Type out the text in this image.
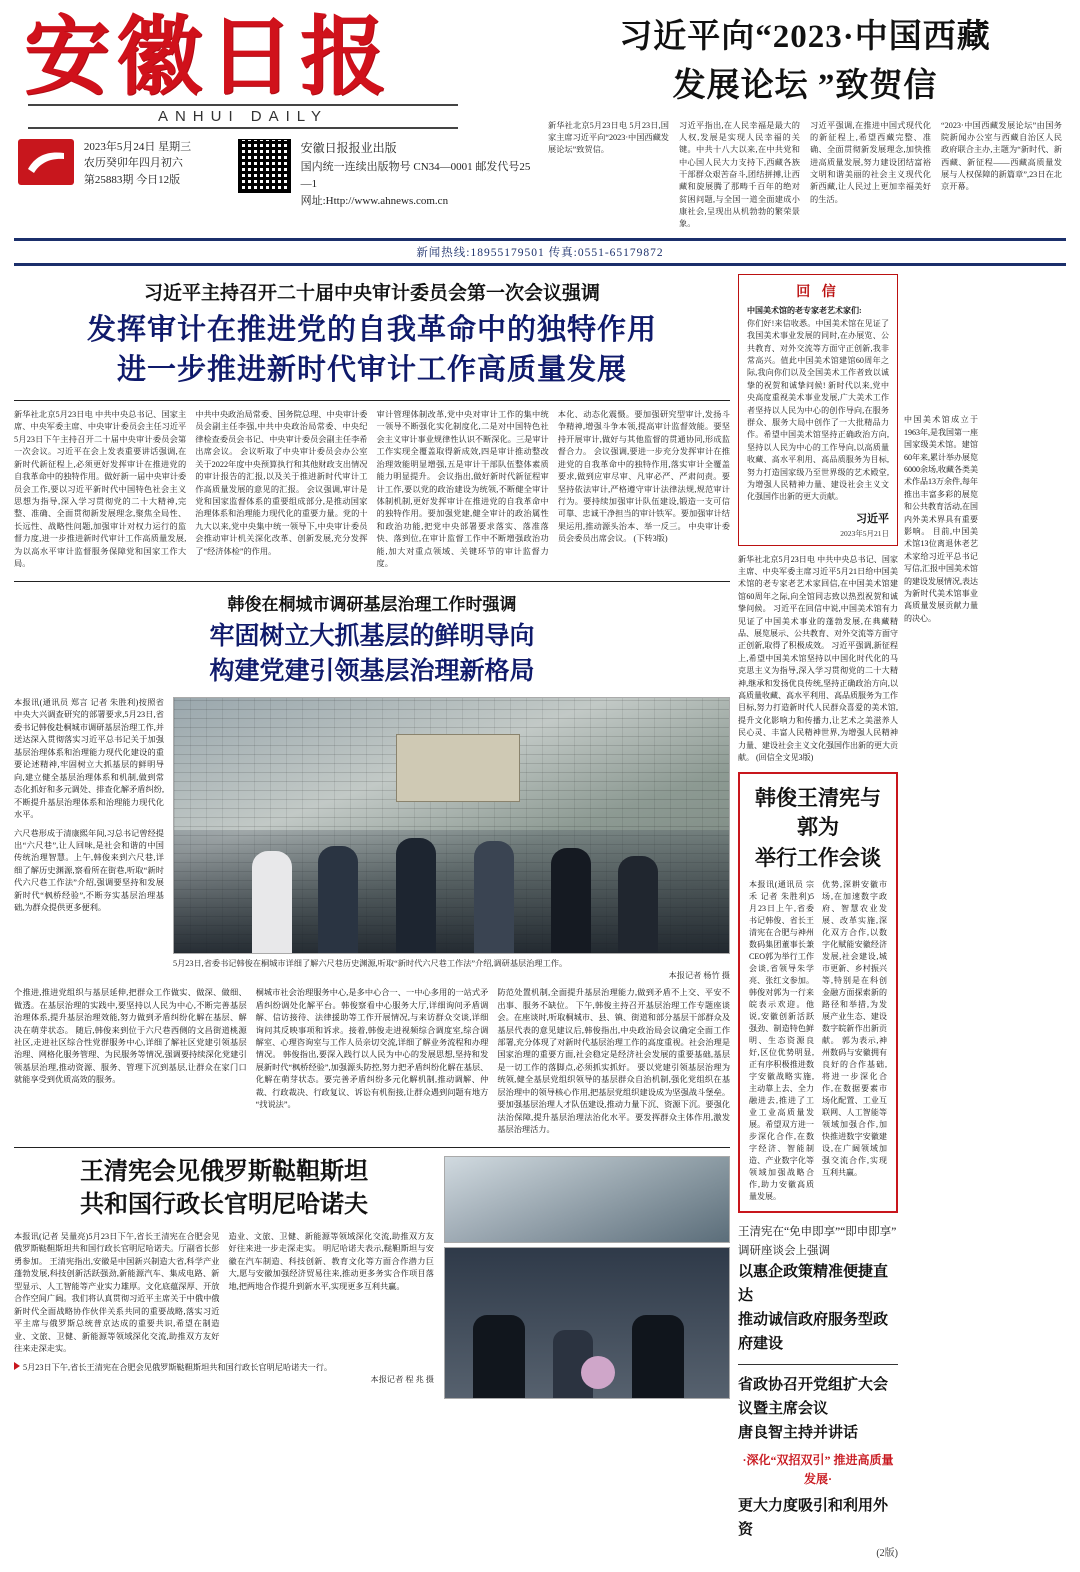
安徽日报
ANHUI DAILY
2023年5月24日 星期三
农历癸卯年四月初六
第25883期 今日12版
安徽日报报业出版
国内统一连续出版物号 CN34—0001 邮发代号25—1
网址:Http://www.ahnews.com.cn
习近平向“2023·中国西藏
发展论坛 ”致贺信
新华社北京5月23日电 5月23日,国家主席习近平向“2023·中国西藏发展论坛”致贺信。
习近平指出,在人民幸福是最大的人权,发展是实现人民幸福的关键。中共十八大以来,在中共党和中心国人民大力支持下,西藏各族干部群众艰苦奋斗,团结拼搏,让西藏和旋展腾了那畴千百年的绝对贫困问题,与全国一道全面建成小康社会,呈现出从机勃勃的繁荣景象。
习近平强调,在推进中国式现代化的新征程上,希望西藏完整、准确、全面贯彻新发展理念,加快推进高质量发展,努力建设团结富裕文明和谐美丽的社会主义现代化新西藏,让人民过上更加幸福美好的生活。
“2023·中国西藏发展论坛”由国务院新闻办公室与西藏自治区人民政府联合主办,主题为“新时代、新西藏、新征程——西藏高质量发展与人权保障的新篇章”,23日在北京开幕。
新闻热线:18955179501 传真:0551-65179872
习近平主持召开二十届中央审计委员会第一次会议强调
发挥审计在推进党的自我革命中的独特作用
进一步推进新时代审计工作高质量发展
新华社北京5月23日电 中共中央总书记、国家主席、中央军委主席、中央审计委员会主任习近平5月23日下午主持召开二十届中央审计委员会第一次会议。习近平在会上发表重要讲话强调,在新时代新征程上,必须更好发挥审计在推进党的自我革命中的独特作用。做好新一届中央审计委员会工作,要以习近平新时代中国特色社会主义思想为指导,深入学习贯彻党的二十大精神,完整、准确、全面贯彻新发展理念,聚焦全局性、长远性、战略性问题,加强审计对权力运行的监督力度,进一步推进新时代审计工作高质量发展,为以高水平审计监督服务保障党和国家工作大局。
中共中央政治局常委、国务院总理、中央审计委员会副主任李强,中共中央政治局常委、中央纪律检查委员会书记、中央审计委员会副主任李希出席会议。 会议听取了中央审计委员会办公室关于2022年度中央预算执行和其他财政支出情况的审计报告的汇报,以及关于推进新时代审计工作高质量发展的意见的汇报。 会议强调,审计是党和国家监督体系的重要组成部分,是推动国家治理体系和治理能力现代化的重要力量。党的十九大以来,党中央集中统一领导下,中央审计委员会推动审计机关深化改革、创新发展,充分发挥了“经济体检”的作用。
审计管理体制改革,党中央对审计工作的集中统一领导不断强化实化制度化,二是对中国特色社会主义审计事业规律性认识不断深化。三是审计工作实现全覆盖取得新成效,四是审计推动整改治理效能明显增强,五是审计干部队伍整体素质能力明显提升。 会议指出,做好新时代新征程审计工作,要以党的政治建设为统领,不断健全审计体制机制,更好发挥审计在推进党的自我革命中的独特作用。要加强党建,健全审计的政治属性和政治功能,把党中央部署要求落实、落准落快、落到位,在审计监督工作中不断增强政治功能,加大对重点领域、关键环节的审计监督力度。
本化、动态化震慑。要加强研究型审计,发扬斗争精神,增强斗争本领,提高审计监督效能。要坚持开展审计,做好与其他监督的贯通协同,形成监督合力。 会议强调,要进一步充分发挥审计在推进党的自我革命中的独特作用,落实审计全覆盖要求,做到应审尽审、凡审必严、严肃问责。要坚持依法审计,严格遵守审计法律法规,规范审计行为。要持续加强审计队伍建设,锻造一支可信可靠、忠诚干净担当的审计铁军。要加强审计结果运用,推动源头治本、举一反三。 中央审计委员会委员出席会议。 (下转3版)
韩俊在桐城市调研基层治理工作时强调
牢固树立大抓基层的鲜明导向
构建党建引领基层治理新格局
本报讯(通讯员 郑言 记者 朱胜利)按照省中央大兴调查研究的部署要求,5月23日,省委书记韩俊赴桐城市调研基层治理工作,并送达深入贯彻落实习近平总书记关于加强基层治理体系和治理能力现代化建设的重要论述精神,牢固树立大抓基层的鲜明导向,建立健全基层治理体系和机制,做到常态化抓好和多元调处、排查化解矛盾纠纷,不断提升基层治理体系和治理能力现代化水平。
六尺巷形成于清康熙年间,习总书记曾经提出“六尺巷”,让人回味,是社会和谐的中国传统治理智慧。上午,韩俊来到六尺巷,详细了解历史渊源,察看所在街巷,听取“新时代六尺巷工作法”介绍,强调要坚持和发展新时代“枫桥经验”,不断夯实基层治理基础,为群众提供更多便利。
5月23日,省委书记韩俊在桐城市详细了解六尺巷历史渊源,听取“新时代六尺巷工作法”介绍,调研基层治理工作。
本报记者 杨竹 摄
个推进,推进党组织与基层延伸,把群众工作做实、做深、做细、做透。在基层治理的实践中,要坚持以人民为中心,不断完善基层治理体系,提升基层治理效能,努力做到矛盾纠纷化解在基层、解决在萌芽状态。 随后,韩俊来到位于六尺巷西侧的文昌街道桃源社区,走进社区综合性党群服务中心,详细了解社区党建引领基层治理、网格化服务管理、为民服务等情况,强调要持续深化党建引领基层治理,推动资源、服务、管理下沉到基层,让群众在家门口就能享受到优质高效的服务。
桐城市社会治理服务中心,是多中心合一、一中心多用的一站式矛盾纠纷调处化解平台。韩俊察看中心服务大厅,详细询问矛盾调解、信访接待、法律援助等工作开展情况,与来访群众交谈,详细询问其反映事项和诉求。接着,韩俊走进视频综合调度室,综合调解室、心理咨询室与工作人员亲切交流,详细了解业务流程和办理情况。 韩俊指出,要深入践行以人民为中心的发展思想,坚持和发展新时代“枫桥经验”,加强源头防控,努力把矛盾纠纷化解在基层、化解在萌芽状态。要完善矛盾纠纷多元化解机制,推动调解、仲裁、行政裁决、行政复议、诉讼有机衔接,让群众遇到问题有地方“找说法”。
防范处置机制,全面提升基层治理能力,做到矛盾不上交、平安不出事、服务不缺位。 下午,韩俊主持召开基层治理工作专题座谈会。在座谈时,听取桐城市、县、镇、街道和部分基层干部群众及基层代表的意见建议后,韩俊指出,中央政治局会议确定全面工作部署,充分体现了对新时代基层治理工作的高度重视。社会治理是国家治理的重要方面,社会稳定是经济社会发展的重要基础,基层是一切工作的落脚点,必须抓实抓好。 要以党建引领基层治理为统领,健全基层党组织领导的基层群众自治机制,强化党组织在基层治理中的领导核心作用,把基层党组织建设成为坚强战斗堡垒。要加强基层治理人才队伍建设,推动力量下沉、资源下沉。要强化法治保障,提升基层治理法治化水平。要发挥群众主体作用,激发基层治理活力。
王清宪会见俄罗斯鞑靼斯坦
共和国行政长官明尼哈诺夫
本报讯(记者 吴量亮)5月23日下午,省长王清宪在合肥会见俄罗斯鞑靼斯坦共和国行政长官明尼哈诺夫。厅副省长彭勇参加。 王清宪指出,安徽是中国新兴制造大省,科学产业蓬勃发展,科技创新活跃强劲,新能源汽车、集成电路、新型显示、人工智能等产业实力雄厚。文化底蕴深厚、开放合作空间广阔。我们将认真贯彻习近平主席关于中俄中俄新时代全面战略协作伙伴关系共同的重要战略,落实习近平主席与俄罗斯总统普京达成的重要共识,希望在制造业、文旅、卫健、新能源等领域深化交流,助推双方友好往来走深走实。
造业、文旅、卫健、新能源等领域深化交流,助推双方友好往来进一步走深走实。 明尼哈诺夫表示,鞑靼斯坦与安徽在汽车制造、科技创新、教育文化等方面合作潜力巨大,愿与安徽加强经济贸易往来,推动更多务实合作项目落地,把两地合作提升到新水平,实现更多互利共赢。
5月23日下午,省长王清宪在合肥会见俄罗斯鞑靼斯坦共和国行政长官明尼哈诺夫一行。
本报记者 程 兆 摄
回 信
中国美术馆的老专家老艺术家们:
你们好!来信收悉。中国美术馆在见证了我国美术事业发展的同时,在办展览、公共教育、对外交流等方面守正创新,我非常高兴。值此中国美术馆建馆60周年之际,我向你们以及全国美术工作者致以诚挚的祝贺和诚挚问候! 新时代以来,党中央高度重视美术事业发展,广大美术工作者坚持以人民为中心的创作导向,在服务群众、服务大局中创作了一大批精品力作。希望中国美术馆坚持正确政治方向,坚持以人民为中心的工作导向,以高质量收藏、高水平利用、高品质服务为目标,努力打造国家级乃至世界级的艺术殿堂,为增强人民精神力量、建设社会主义文化强国作出新的更大贡献。
习近平
2023年5月21日
新华社北京5月23日电 中共中央总书记、国家主席、中央军委主席习近平5月21日给中国美术馆的老专家老艺术家回信,在中国美术馆建馆60周年之际,向全馆同志致以热烈祝贺和诚挚问候。 习近平在回信中说,中国美术馆有力见证了中国美术事业的蓬勃发展,在典藏精品、展览展示、公共教育、对外交流等方面守正创新,取得了积极成效。 习近平强调,新征程上,希望中国美术馆坚持以中国化时代化的马克思主义为指导,深入学习贯彻党的二十大精神,继承和发扬优良传统,坚持正确政治方向,以高质量收藏、高水平利用、高品质服务为工作目标,努力打造新时代人民群众喜爱的美术馆,提升文化影响力和传播力,让艺术之美滋养人民心灵、丰富人民精神世界,为增强人民精神力量、建设社会主义文化强国作出新的更大贡献。 (回信全文见3版)
韩俊王清宪与郭为
举行工作会谈
本报讯(通讯员 宗禾 记者 朱胜利)5月23日上午,省委书记韩俊、省长王清宪在合肥与神州数码集团董事长兼CEO郭为举行工作会谈,省领导朱学亮、张红文参加。 韩俊对郭为一行来皖表示欢迎。他说,安徽创新活跃强劲、制造特色鲜明、生态资源良好,区位优势明显,正有序积极推进数字安徽战略实施,主动靠上去、全力融进去,推进了工业工业高质量发展。希望双方进一步深化合作,在数字经济、智能制造、产业数字化等领域加强战略合作,助力安徽高质量发展。
优势,深耕安徽市场,在加速数字政府、智慧农业发展、改革实施,深化双方合作,以数字化赋能安徽经济发展,社会建设,城市更新、乡村振兴等,特别是在科创金融方面探索新的路径和举措,为发展产业生态、建设数字皖新作出新贡献。 郭为表示,神州数码与安徽拥有良好的合作基础,将进一步深化合作,在数据要素市场化配置、工业互联网、人工智能等领域加强合作,加快推进数字安徽建设,在广阔领域加强交流合作,实现互利共赢。
王清宪在“免申即享”“即申即享”调研座谈会上强调
以惠企政策精准便捷直达
推动诚信政府服务型政府建设
省政协召开党组扩大会议暨主席会议
唐良智主持并讲话
·深化“双招双引” 推进高质量发展·
更大力度吸引和利用外资
(2版)
中国美术馆成立于1963年,是我国第一座国家级美术馆。建馆60年来,累计举办展览6000余场,收藏各类美术作品13万余件,每年推出丰富多彩的展览和公共教育活动,在国内外美术界具有重要影响。 目前,中国美术馆13位离退休老艺术家给习近平总书记写信,汇报中国美术馆的建设发展情况,表达为新时代美术馆事业高质量发展贡献力量的决心。
